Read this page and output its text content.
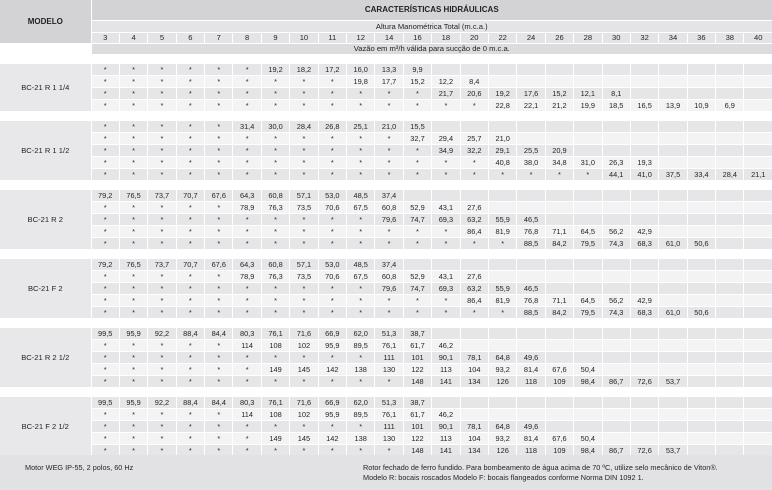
MODELO	CARACTERÍSTICAS HIDRÁULICAS																							
	Altura Manométrica Total (m.c.a.)																							
	3	4	5	6	7	8	9	10	11	12	14	16	18	20	22	24	26	28	30	32	34	36	38	40
	Vazão em m³/h válida para sucção de 0 m.c.a.																							

BC-21 R 1 1/4	*	*	*	*	*	*	19,2	18,2	17,2	16,0	13,3	9,9												
	*	*	*	*	*	*	*	*	*	19,8	17,7	15,2	12,2	8,4										
	*	*	*	*	*	*	*	*	*	*	*	*	21,7	20,6	19,2	17,6	15,2	12,1	8,1					
	*	*	*	*	*	*	*	*	*	*	*	*	*	*	22,8	22,1	21,2	19,9	18,5	16,5	13,9	10,9	6,9	

BC-21 R 1 1/2	*	*	*	*	*	31,4	30,0	28,4	26,8	25,1	21,0	15,5												
	*	*	*	*	*	*	*	*	*	*	*	32,7	29,4	25,7	21,0									
	*	*	*	*	*	*	*	*	*	*	*	*	34,9	32,2	29,1	25,5	20,9							
	*	*	*	*	*	*	*	*	*	*	*	*	*	*	40,8	38,0	34,8	31,0	26,3	19,3				
	*	*	*	*	*	*	*	*	*	*	*	*	*	*	*	*	*	*	44,1	41,0	37,5	33,4	28,4	21,1

BC-21 R 2	79,2	76,5	73,7	70,7	67,6	64,3	60,8	57,1	53,0	48,5	37,4													
	*	*	*	*	*	78,9	76,3	73,5	70,6	67,5	60,8	52,9	43,1	27,6										
	*	*	*	*	*	*	*	*	*	*	79,6	74,7	69,3	63,2	55,9	46,5								
	*	*	*	*	*	*	*	*	*	*	*	*	*	86,4	81,9	76,8	71,1	64,5	56,2	42,9				
	*	*	*	*	*	*	*	*	*	*	*	*	*	*	*	88,5	84,2	79,5	74,3	68,3	61,0	50,6		

BC-21 F 2	79,2	76,5	73,7	70,7	67,6	64,3	60,8	57,1	53,0	48,5	37,4													
	*	*	*	*	*	78,9	76,3	73,5	70,6	67,5	60,8	52,9	43,1	27,6										
	*	*	*	*	*	*	*	*	*	*	79,6	74,7	69,3	63,2	55,9	46,5								
	*	*	*	*	*	*	*	*	*	*	*	*	*	86,4	81,9	76,8	71,1	64,5	56,2	42,9				
	*	*	*	*	*	*	*	*	*	*	*	*	*	*	*	88,5	84,2	79,5	74,3	68,3	61,0	50,6		

BC-21 R 2 1/2	99,5	95,9	92,2	88,4	84,4	80,3	76,1	71,6	66,9	62,0	51,3	38,7												
	*	*	*	*	*	114	108	102	95,9	89,5	76,1	61,7	46,2											
	*	*	*	*	*	*	*	*	*	*	111	101	90,1	78,1	64,8	49,6								
	*	*	*	*	*	*	149	145	142	138	130	122	113	104	93,2	81,4	67,6	50,4						
	*	*	*	*	*	*	*	*	*	*	*	148	141	134	126	118	109	98,4	86,7	72,6	53,7			

BC-21 F 2 1/2	99,5	95,9	92,2	88,4	84,4	80,3	76,1	71,6	66,9	62,0	51,3	38,7												
	*	*	*	*	*	114	108	102	95,9	89,5	76,1	61,7	46,2											
	*	*	*	*	*	*	*	*	*	*	111	101	90,1	78,1	64,8	49,6								
	*	*	*	*	*	*	149	145	142	138	130	122	113	104	93,2	81,4	67,6	50,4						
	*	*	*	*	*	*	*	*	*	*	*	148	141	134	126	118	109	98,4	86,7	72,6	53,7			
Motor WEG IP-55, 2 polos, 60 Hz	Rotor fechado de ferro fundido. Para bombeamento de água acima de 70 ºC, utilize selo mecânico de Viton®.
Modelo R: bocais roscados Modelo F: bocais flangeados conforme Norma DIN 1092 1.
